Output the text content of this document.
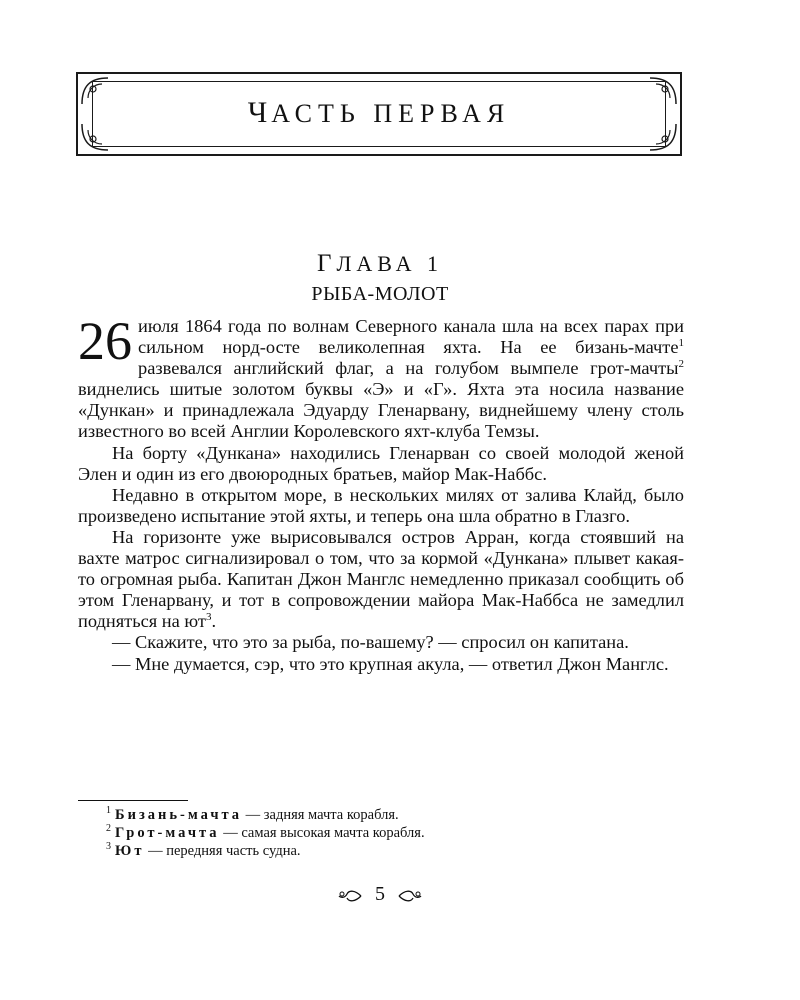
ЧАСТЬ ПЕРВАЯ
ГЛАВА 1
РЫБА-МОЛОТ

26 июля 1864 года по волнам Северного канала шла на всех парах при сильном норд-осте великолепная яхта. На ее бизань-мачте$^1$ развевался английский флаг, а на голубом вымпеле грот-мачты$^2$ виднелись шитые золотом буквы «Э» и «Г». Яхта эта носила название «Дункан» и принадлежала Эдуарду Гленарвану, виднейшему члену столь известного во всей Англии Королевского яхт-клуба Темзы.

На борту «Дункана» находились Гленарван со своей молодой женой Элен и один из его двоюродных братьев, майор Мак-Наббс.

Недавно в открытом море, в нескольких милях от залива Клайд, было произведено испытание этой яхты, и теперь она шла обратно в Глазго.

На горизонте уже вырисовывался остров Арран, когда стоявший на вахте матрос сигнализировал о том, что за кормой «Дункана» плывет какая-то огромная рыба. Капитан Джон Манглс немедленно приказал сообщить об этом Гленарвану, и тот в сопровождении майора Мак-Наббса не замедлил подняться на $ют^3$.

— Скажите, что это за рыба, по-вашему? — спросил он капитана.

— Мне думается, сэр, что это крупная акула, — ответил Джон Манглс.

$^1$ Бизань-мачта — задняя мачта корабля.
$^2$ Грот-мачта — самая высокая мачта корабля.
$^3$ Ют — передняя часть судна.
5
